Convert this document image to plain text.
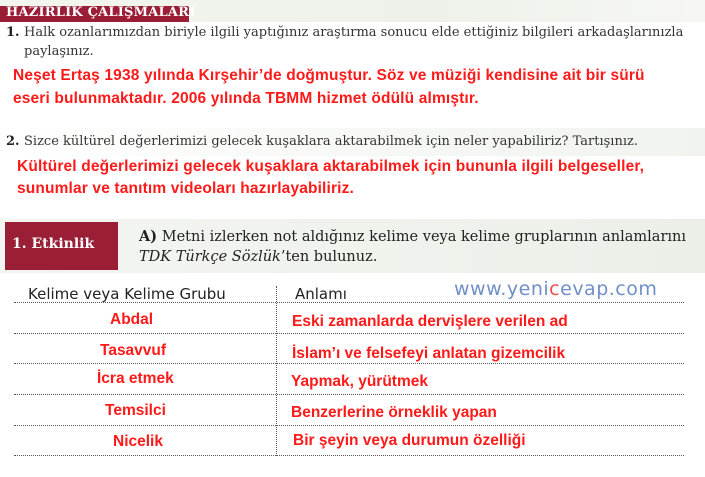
HAZIRLIK ÇALIŞMALARI
1. Halk ozanlarımızdan biriyle ilgili yaptığınız araştırma sonucu elde ettiğiniz bilgileri arkadaşlarınızla
paylaşınız.
Neşet Ertaş 1938 yılında Kırşehir’de doğmuştur. Söz ve müziği kendisine ait bir sürü
eseri bulunmaktadır. 2006 yılında TBMM hizmet ödülü almıştır.
2. Sizce kültürel değerlerimizi gelecek kuşaklara aktarabilmek için neler yapabiliriz? Tartışınız.
Kültürel değerlerimizi gelecek kuşaklara aktarabilmek için bununla ilgili belgeseller,
sunumlar ve tanıtım videoları hazırlayabiliriz.
1. Etkinlik	A) Metni izlerken not aldığınız kelime veya kelime gruplarının anlamlarını
TDK Türkçe Sözlük’ten bulunuz.
Kelime veya Kelime Grubu	Anlamı	www.yenicevap.com
Abdal	Eski zamanlarda dervişlere verilen ad
Tasavvuf	İslam’ı ve felsefeyi anlatan gizemcilik
İcra etmek	Yapmak, yürütmek
Temsilci	Benzerlerine örneklik yapan
Nicelik	Bir şeyin veya durumun özelliği
